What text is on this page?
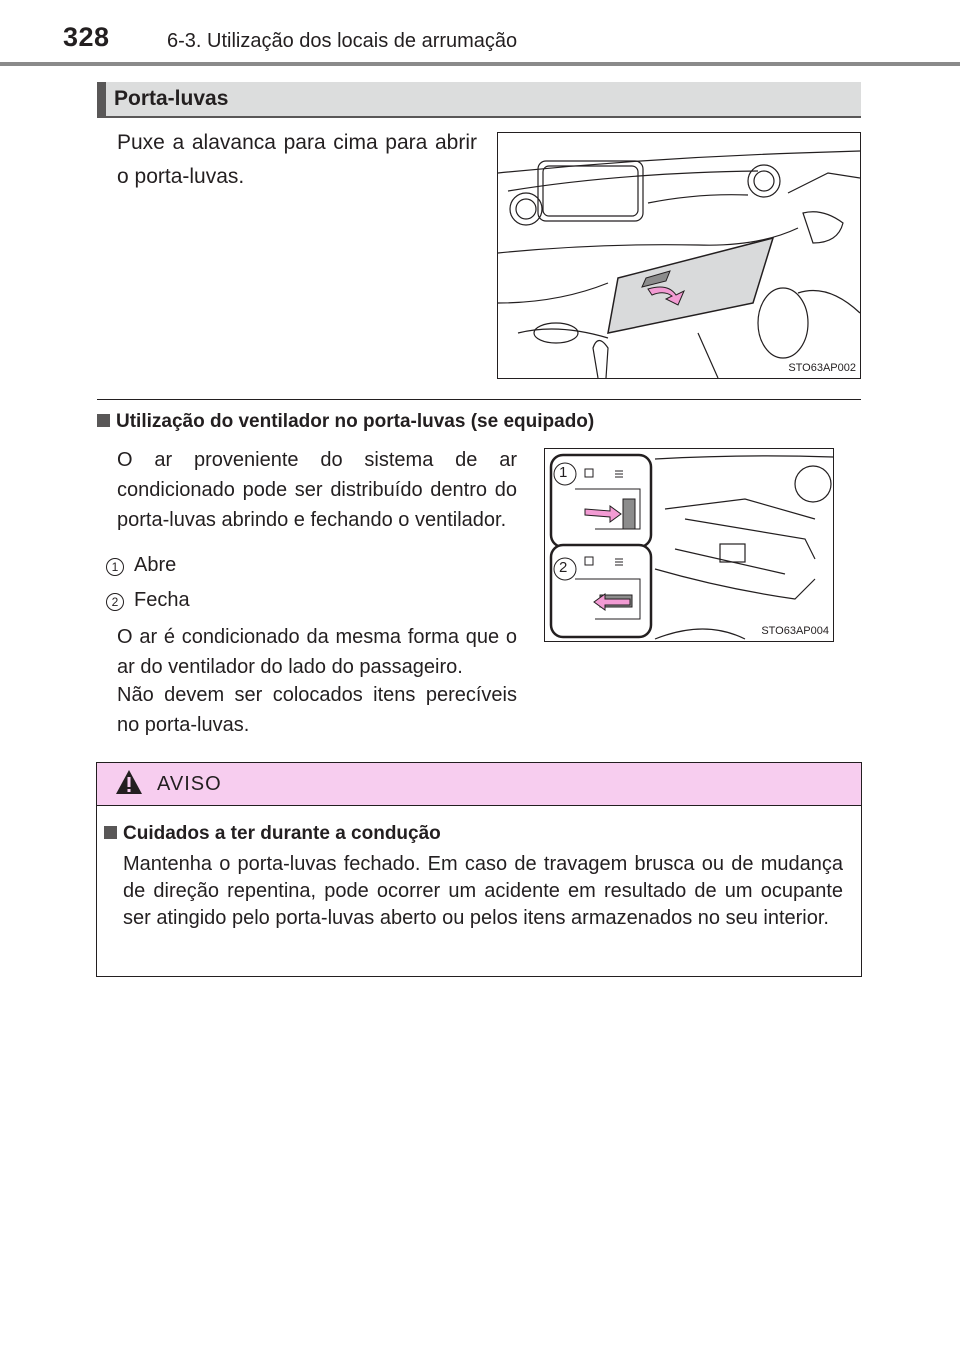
328	6-3. Utilização dos locais de arrumação
Porta-luvas
Puxe a alavanca para cima para abrir o porta-luvas.
STO63AP002
Utilização do ventilador no porta-luvas (se equipado)
O ar proveniente do sistema de ar condicionado pode ser distribuído dentro do porta-luvas abrindo e fechando o ventilador.
1 Abre
2 Fecha
O ar é condicionado da mesma forma que o ar do ventilador do lado do passageiro.
Não devem ser colocados itens perecíveis no porta-luvas.
1
2
STO63AP004
AVISO
Cuidados a ter durante a condução
Mantenha o porta-luvas fechado. Em caso de travagem brusca ou de mudança de direção repentina, pode ocorrer um acidente em resultado de um ocupante ser atingido pelo porta-luvas aberto ou pelos itens armazenados no seu interior.
